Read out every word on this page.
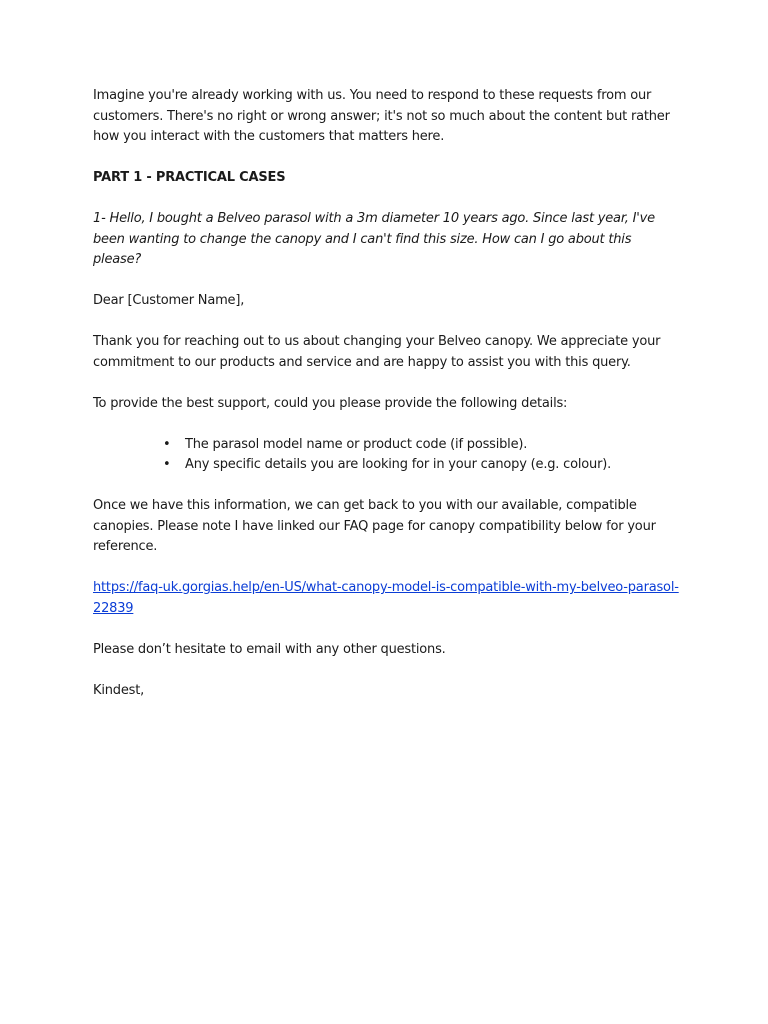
Imagine you're already working with us. You need to respond to these requests from our customers. There's no right or wrong answer; it's not so much about the content but rather how you interact with the customers that matters here.

PART 1 - PRACTICAL CASES

1- Hello, I bought a Belveo parasol with a 3m diameter 10 years ago. Since last year, I've been wanting to change the canopy and I can't find this size. How can I go about this please?

Dear [Customer Name],

Thank you for reaching out to us about changing your Belveo canopy. We appreciate your commitment to our products and service and are happy to assist you with this query.

To provide the best support, could you please provide the following details:

•	The parasol model name or product code (if possible).
•	Any specific details you are looking for in your canopy (e.g. colour).

Once we have this information, we can get back to you with our available, compatible canopies. Please note I have linked our FAQ page for canopy compatibility below for your reference.

https://faq-uk.gorgias.help/en-US/what-canopy-model-is-compatible-with-my-belveo-parasol-22839

Please don’t hesitate to email with any other questions.

Kindest,
